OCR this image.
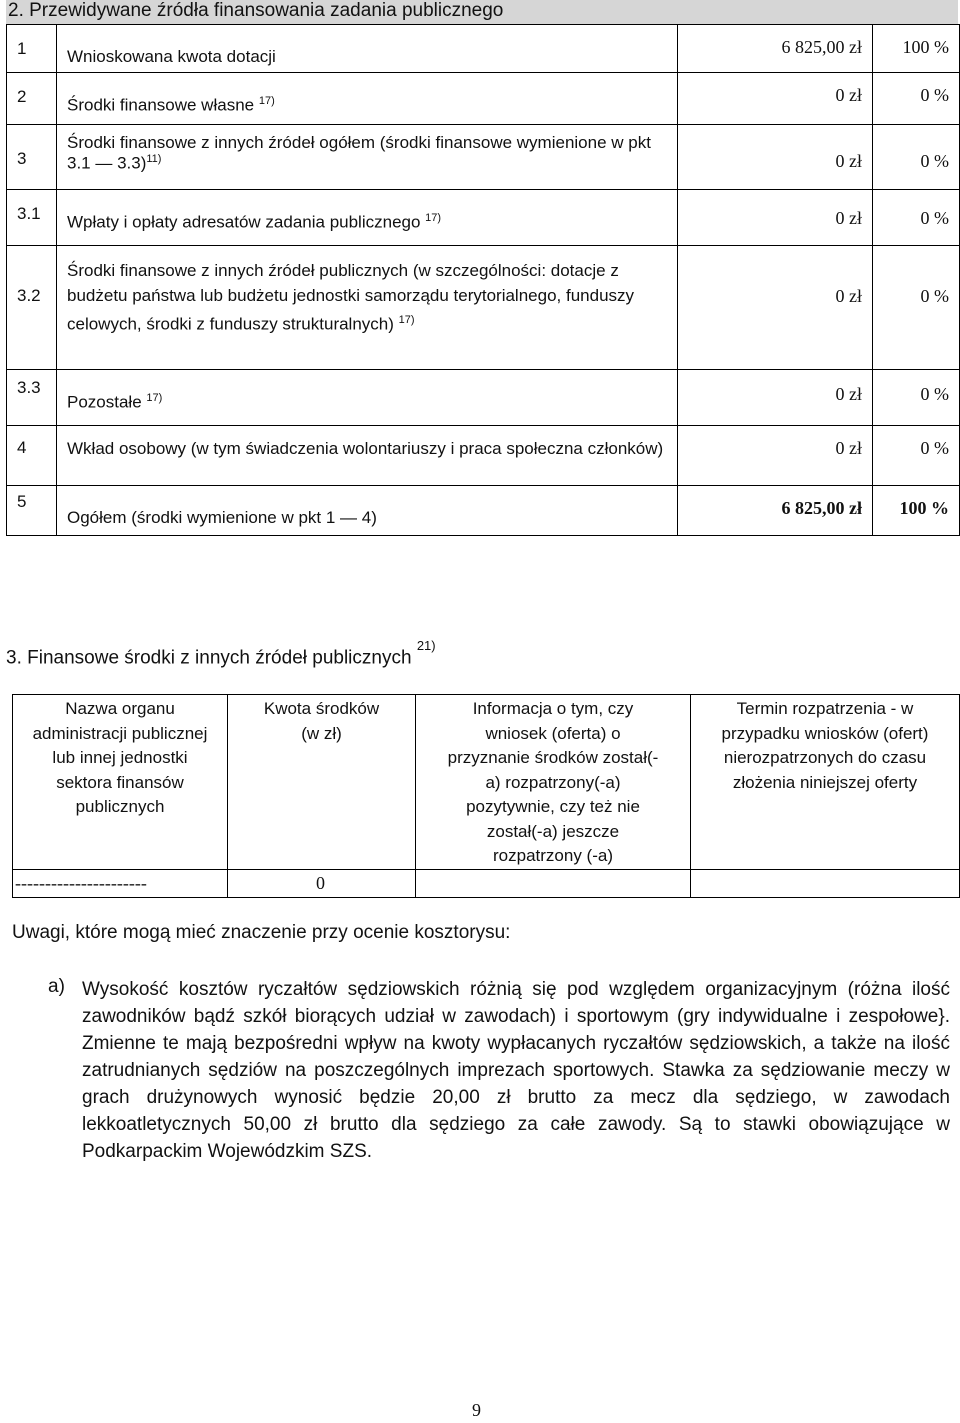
2. Przewidywane źródła finansowania zadania publicznego
1	Wnioskowana kwota dotacji	6 825,00 zł	100 %
2	Środki finansowe własne $^{17)}$	0 zł	0 %
3	Środki finansowe z innych źródeł ogółem (środki finansowe wymienione w pkt 3.1 — 3.3)$^{11)}$	0 zł	0 %
3.1	Wpłaty i opłaty adresatów zadania publicznego $^{17)}$	0 zł	0 %
3.2	Środki finansowe z innych źródeł publicznych (w szczególności: dotacje z budżetu państwa lub budżetu jednostki samorządu terytorialnego, funduszy celowych, środki z funduszy strukturalnych) $^{17)}$	0 zł	0 %
3.3	Pozostałe $^{17)}$	0 zł	0 %
4	Wkład osobowy (w tym świadczenia wolontariuszy i praca społeczna członków)	0 zł	0 %
5	Ogółem (środki wymienione w pkt 1 — 4)	6 825,00 zł	100 %
3. Finansowe środki z innych źródeł publicznych $^{21)}$
Nazwa organu administracji publicznej lub innej jednostki sektora finansów publicznych	Kwota środków (w zł)	Informacja o tym, czy wniosek (oferta) o przyznanie środków został(-a) rozpatrzony(-a) pozytywnie, czy też nie został(-a) jeszcze rozpatrzony (-a)	Termin rozpatrzenia - w przypadku wniosków (ofert) nierozpatrzonych do czasu złożenia niniejszej oferty
----------------------	0		
Uwagi, które mogą mieć znaczenie przy ocenie kosztorysu:
a) Wysokość kosztów ryczałtów sędziowskich różnią się pod względem organizacyjnym (różna ilość zawodników bądź szkół biorących udział w zawodach) i sportowym (gry indywidualne i zespołowe}. Zmienne te mają bezpośredni wpływ na kwoty wypłacanych ryczałtów sędziowskich, a także na ilość zatrudnianych sędziów na poszczególnych imprezach sportowych. Stawka za sędziowanie meczy w grach drużynowych wynosić będzie 20,00 zł brutto za mecz dla sędziego, w zawodach lekkoatletycznych 50,00 zł brutto dla sędziego za całe zawody. Są to stawki obowiązujące w Podkarpackim Wojewódzkim SZS.
9
